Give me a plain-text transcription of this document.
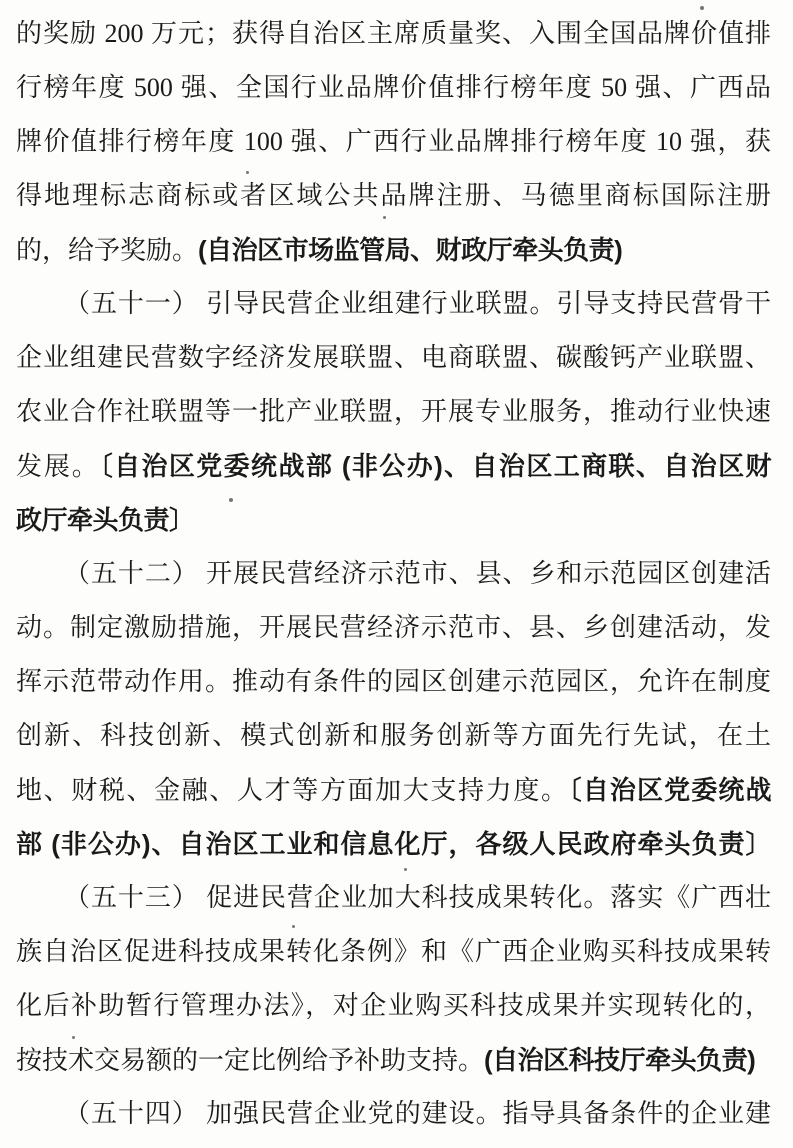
的奖励 200 万元；获得自治区主席质量奖、入围全国品牌价值排
行榜年度 500 强、全国行业品牌价值排行榜年度 50 强、广西品
牌价值排行榜年度 100 强、广西行业品牌排行榜年度 10 强，获
得地理标志商标或者区域公共品牌注册、马德里商标国际注册
的，给予奖励。(自治区市场监管局、财政厅牵头负责)
（五十一） 引导民营企业组建行业联盟。引导支持民营骨干
企业组建民营数字经济发展联盟、电商联盟、碳酸钙产业联盟、
农业合作社联盟等一批产业联盟，开展专业服务，推动行业快速
发展。〔自治区党委统战部 (非公办)、自治区工商联、自治区财
政厅牵头负责〕
（五十二） 开展民营经济示范市、县、乡和示范园区创建活
动。制定激励措施，开展民营经济示范市、县、乡创建活动，发
挥示范带动作用。推动有条件的园区创建示范园区，允许在制度
创新、科技创新、模式创新和服务创新等方面先行先试，在土
地、财税、金融、人才等方面加大支持力度。〔自治区党委统战
部 (非公办)、自治区工业和信息化厅，各级人民政府牵头负责〕
（五十三） 促进民营企业加大科技成果转化。落实《广西壮
族自治区促进科技成果转化条例》和《广西企业购买科技成果转
化后补助暂行管理办法》，对企业购买科技成果并实现转化的，
按技术交易额的一定比例给予补助支持。(自治区科技厅牵头负责)
（五十四） 加强民营企业党的建设。指导具备条件的企业建
